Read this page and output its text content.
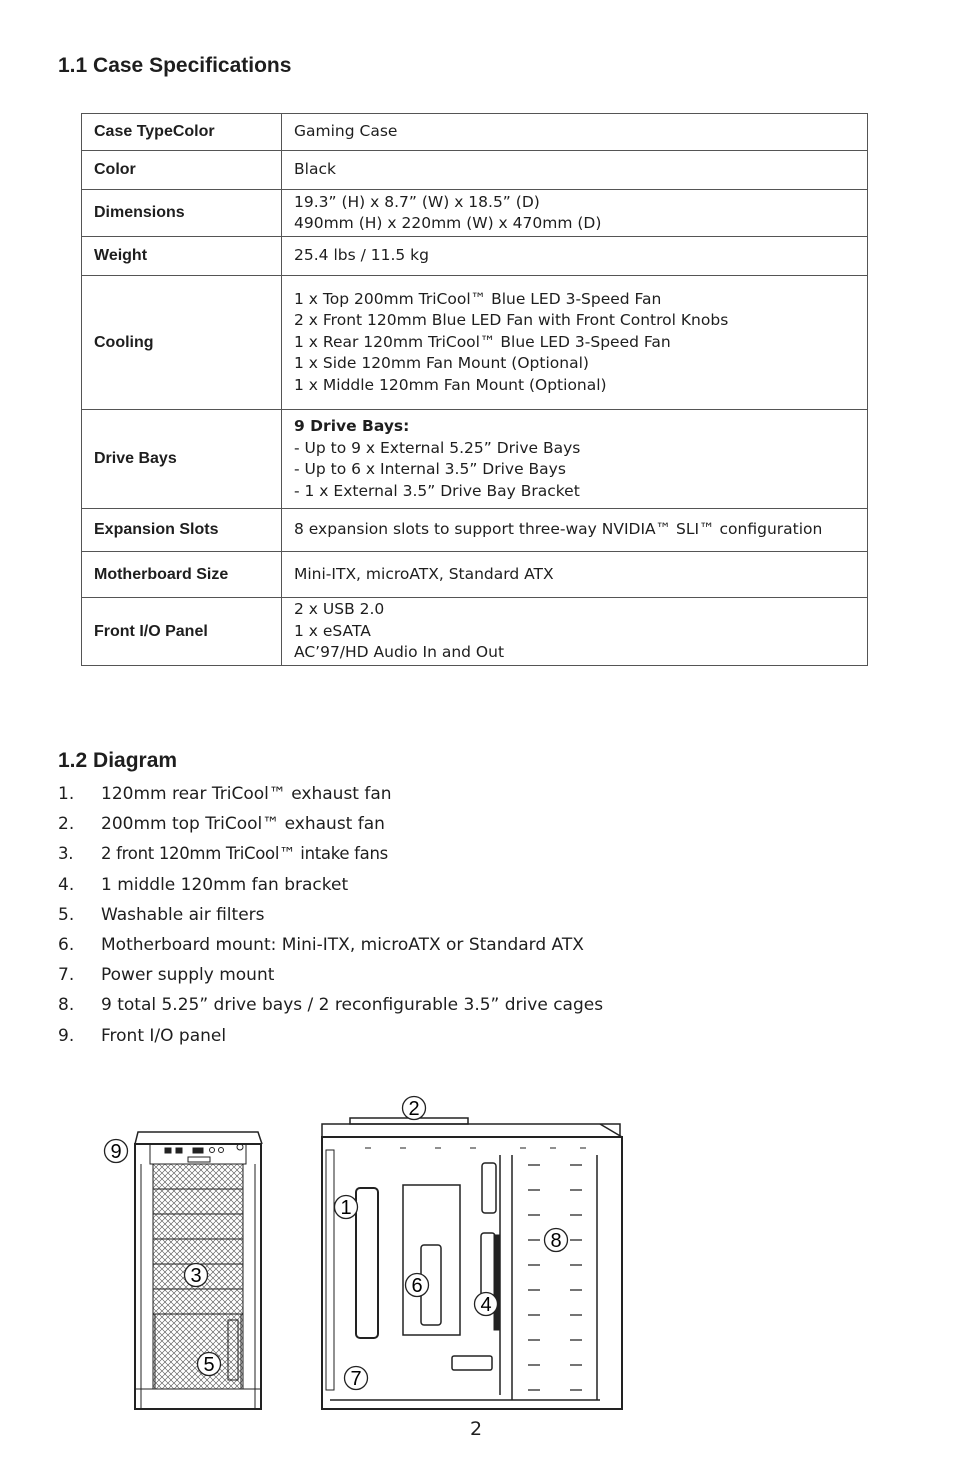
1.1 Case Specifications
Case TypeColor	Gaming Case

Color	Black

Dimensions	19.3” (H) x 8.7” (W) x 18.5” (D)
490mm (H) x 220mm (W) x 470mm (D)

Weight	25.4 lbs / 11.5 kg

Cooling	1 x Top 200mm TriCool™ Blue LED 3-Speed Fan
2 x Front 120mm Blue LED Fan with Front Control Knobs
1 x Rear 120mm TriCool™ Blue LED 3-Speed Fan
1 x Side 120mm Fan Mount (Optional)
1 x Middle 120mm Fan Mount (Optional)

Drive Bays	9 Drive Bays:
- Up to 9 x External 5.25” Drive Bays
- Up to 6 x Internal 3.5” Drive Bays
- 1 x External 3.5” Drive Bay Bracket

Expansion Slots	8 expansion slots to support three-way NVIDIA™ SLI™ configuration

Motherboard Size	Mini-ITX, microATX, Standard ATX

Front I/O Panel	2 x USB 2.0
1 x eSATA
AC’97/HD Audio In and Out
1.2 Diagram
1. 120mm rear TriCool™ exhaust fan
2. 200mm top TriCool™ exhaust fan
3. 2 front 120mm TriCool™ intake fans
4. 1 middle 120mm fan bracket
5. Washable air filters
6. Motherboard mount: Mini-ITX, microATX or Standard ATX
7. Power supply mount
8. 9 total 5.25” drive bays / 2 reconfigurable 3.5” drive cages
9. Front I/O panel
9
2
1
8
3	6
4
5
7
2
